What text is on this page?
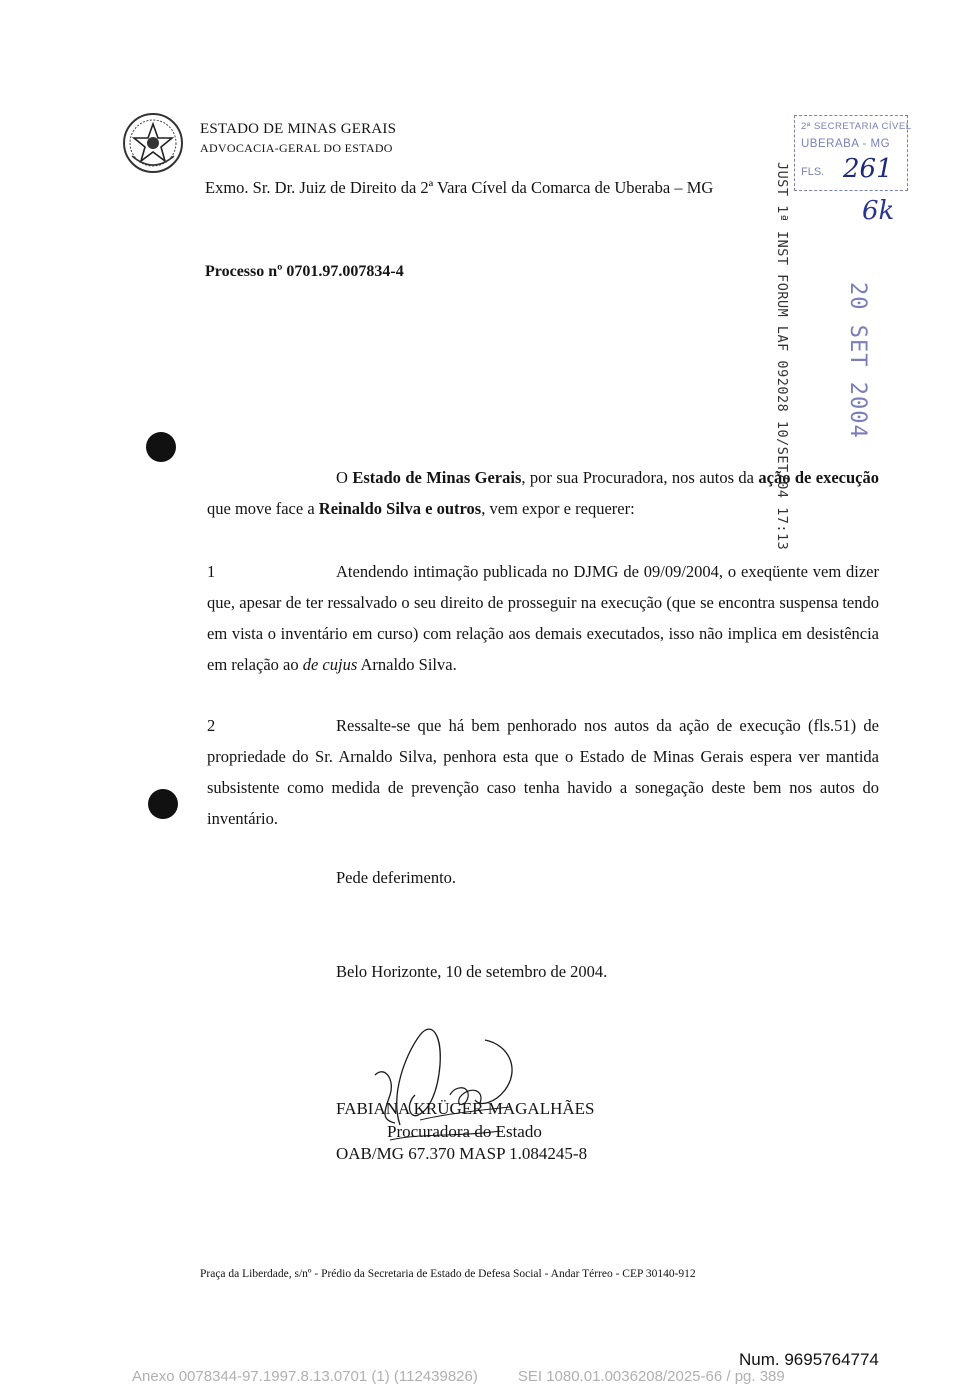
ESTADO DE MINAS GERAIS
ADVOCACIA-GERAL DO ESTADO
Exmo. Sr. Dr. Juiz de Direito da 2ª Vara Cível da Comarca de Uberaba – MG
Processo nº 0701.97.007834-4
O Estado de Minas Gerais, por sua Procuradora, nos autos da ação de execução que move face a Reinaldo Silva e outros, vem expor e requerer:
1	Atendendo intimação publicada no DJMG de 09/09/2004, o exeqüente vem dizer que, apesar de ter ressalvado o seu direito de prosseguir na execução (que se encontra suspensa tendo em vista o inventário em curso) com relação aos demais executados, isso não implica em desistência em relação ao de cujus Arnaldo Silva.
2	Ressalte-se que há bem penhorado nos autos da ação de execução (fls.51) de propriedade do Sr. Arnaldo Silva, penhora esta que o Estado de Minas Gerais espera ver mantida subsistente como medida de prevenção caso tenha havido a sonegação deste bem nos autos do inventário.
Pede deferimento.
Belo Horizonte, 10 de setembro de 2004.
FABIANA KRÜGER MAGALHÃES
Procuradora do Estado
OAB/MG 67.370 MASP 1.084245-8
2ª SECRETARIA CÍVEL
UBERABA - MG
FLS. 261
6k
JUST 1ª INST FORUM LAF 092028 10/SET/04 17:13	20 SET 2004
Praça da Liberdade, s/nº - Prédio da Secretaria de Estado de Defesa Social - Andar Térreo - CEP 30140-912
Num. 9695764774
Anexo 0078344-97.1997.8.13.0701 (1) (112439826)	SEI 1080.01.0036208/2025-66 / pg. 389
